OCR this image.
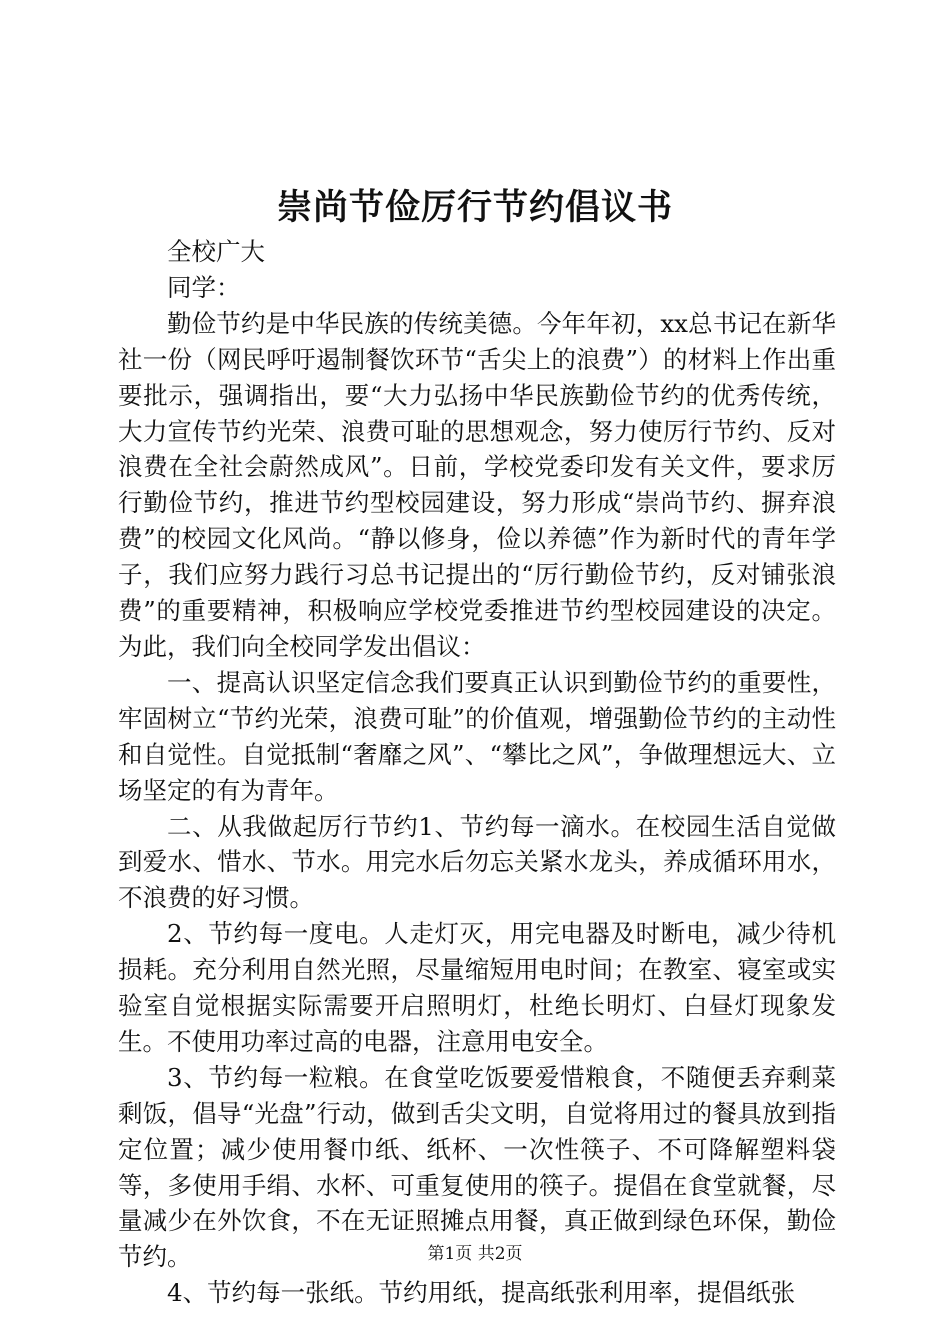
崇尚节俭厉行节约倡议书

全校广大

同学：

勤俭节约是中华民族的传统美德。今年年初，xx总书记在新华社一份（网民呼吁遏制餐饮环节“舌尖上的浪费”）的材料上作出重要批示，强调指出，要“大力弘扬中华民族勤俭节约的优秀传统，大力宣传节约光荣、浪费可耻的思想观念，努力使厉行节约、反对浪费在全社会蔚然成风”。日前，学校党委印发有关文件，要求厉行勤俭节约，推进节约型校园建设，努力形成“崇尚节约、摒弃浪费”的校园文化风尚。“静以修身，俭以养德”作为新时代的青年学子，我们应努力践行习总书记提出的“厉行勤俭节约，反对铺张浪费”的重要精神，积极响应学校党委推进节约型校园建设的决定。为此，我们向全校同学发出倡议：

一、提高认识坚定信念我们要真正认识到勤俭节约的重要性，牢固树立“节约光荣，浪费可耻”的价值观，增强勤俭节约的主动性和自觉性。自觉抵制“奢靡之风”、“攀比之风”，争做理想远大、立场坚定的有为青年。

二、从我做起厉行节约1、节约每一滴水。在校园生活自觉做到爱水、惜水、节水。用完水后勿忘关紧水龙头，养成循环用水，不浪费的好习惯。

2、节约每一度电。人走灯灭，用完电器及时断电，减少待机损耗。充分利用自然光照，尽量缩短用电时间；在教室、寝室或实验室自觉根据实际需要开启照明灯，杜绝长明灯、白昼灯现象发生。不使用功率过高的电器，注意用电安全。

3、节约每一粒粮。在食堂吃饭要爱惜粮食，不随便丢弃剩菜剩饭，倡导“光盘”行动，做到舌尖文明，自觉将用过的餐具放到指定位置；减少使用餐巾纸、纸杯、一次性筷子、不可降解塑料袋等，多使用手绢、水杯、可重复使用的筷子。提倡在食堂就餐，尽量减少在外饮食，不在无证照摊点用餐，真正做到绿色环保，勤俭节约。

4、节约每一张纸。节约用纸，提高纸张利用率，提倡纸张

第1页 共2页
